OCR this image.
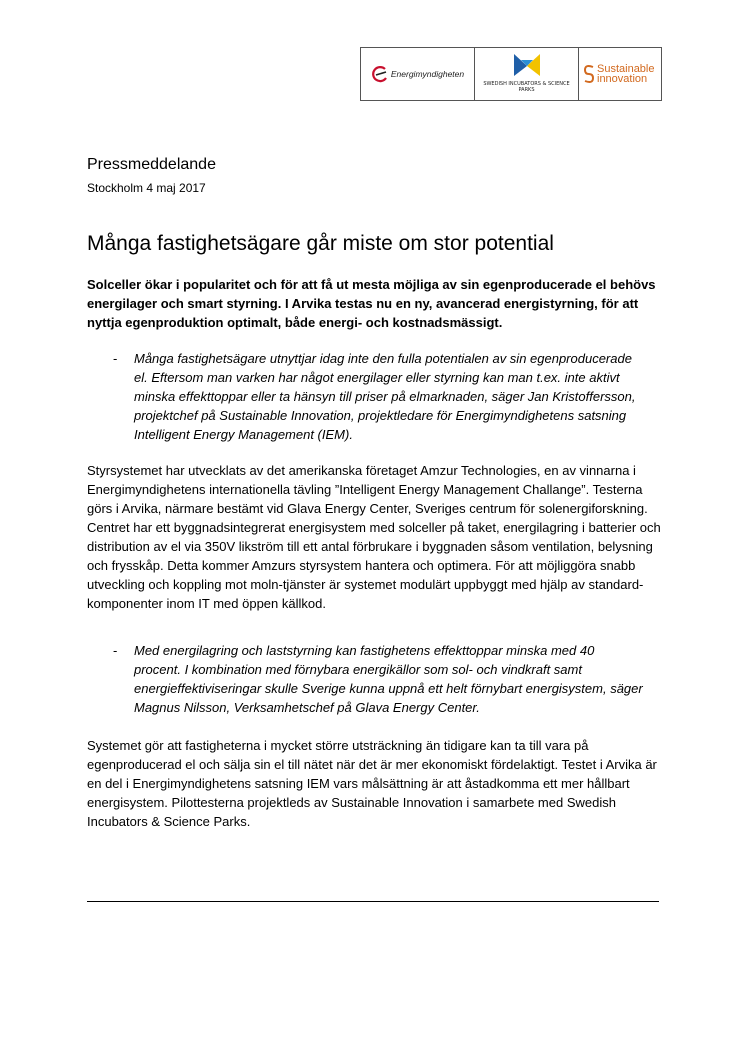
Energimyndigheten
SWEDISH INCUBATORS & SCIENCE PARKS
Sustainable innovation
Pressmeddelande
Stockholm 4 maj 2017
Många fastighetsägare går miste om stor potential
Solceller ökar i popularitet och för att få ut mesta möjliga av sin egenproducerade el behövs energilager och smart styrning. I Arvika testas nu en ny, avancerad energistyrning, för att nyttja egenproduktion optimalt, både energi- och kostnadsmässigt.
- Många fastighetsägare utnyttjar idag inte den fulla potentialen av sin egenproducerade el. Eftersom man varken har något energilager eller styrning kan man t.ex. inte aktivt minska effekttoppar eller ta hänsyn till priser på elmarknaden, säger Jan Kristoffersson, projektchef på Sustainable Innovation, projektledare för Energimyndighetens satsning Intelligent Energy Management (IEM).
Styrsystemet har utvecklats av det amerikanska företaget Amzur Technologies, en av vinnarna i Energimyndighetens internationella tävling ”Intelligent Energy Management Challange”. Testerna görs i Arvika, närmare bestämt vid Glava Energy Center, Sveriges centrum för solenergiforskning. Centret har ett byggnadsintegrerat energisystem med solceller på taket, energilagring i batterier och distribution av el via 350V likström till ett antal förbrukare i byggnaden såsom ventilation, belysning och frysskåp. Detta kommer Amzurs styrsystem hantera och optimera. För att möjliggöra snabb utveckling och koppling mot moln-tjänster är systemet modulärt uppbyggt med hjälp av standard-komponenter inom IT med öppen källkod.
- Med energilagring och laststyrning kan fastighetens effekttoppar minska med 40 procent. I kombination med förnybara energikällor som sol- och vindkraft samt energieffektiviseringar skulle Sverige kunna uppnå ett helt förnybart energisystem, säger Magnus Nilsson, Verksamhetschef på Glava Energy Center.
Systemet gör att fastigheterna i mycket större utsträckning än tidigare kan ta till vara på egenproducerad el och sälja sin el till nätet när det är mer ekonomiskt fördelaktigt. Testet i Arvika är en del i Energimyndighetens satsning IEM vars målsättning är att åstadkomma ett mer hållbart energisystem. Pilottesterna projektleds av Sustainable Innovation i samarbete med Swedish Incubators & Science Parks.
